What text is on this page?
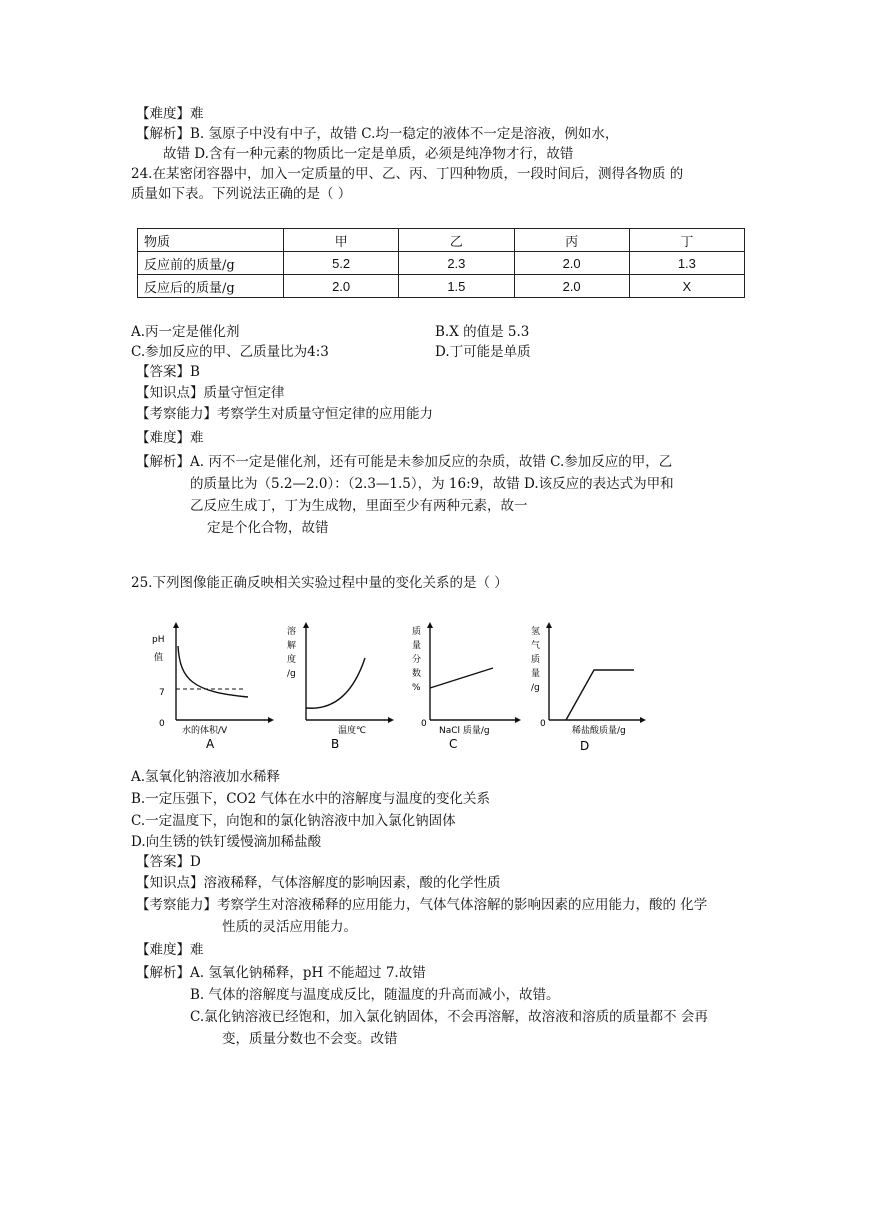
【难度】难
【解析】B. 氢原子中没有中子，故错 C.均一稳定的液体不一定是溶液，例如水，
故错 D.含有一种元素的物质比一定是单质，必须是纯净物才行，故错
24.在某密闭容器中，加入一定质量的甲、乙、丙、丁四种物质，一段时间后，测得各物质 的
质量如下表。下列说法正确的是（ ）
物质	甲	乙	丙	丁
反应前的质量/g	5.2	2.3	2.0	1.3
反应后的质量/g	2.0	1.5	2.0	X
A.丙一定是催化剂	B.X 的值是 5.3
C.参加反应的甲、乙质量比为4:3	D.丁可能是单质
【答案】B
【知识点】质量守恒定律
【考察能力】考察学生对质量守恒定律的应用能力
【难度】难
【解析】A. 丙不一定是催化剂，还有可能是未参加反应的杂质，故错 C.参加反应的甲，乙
的质量比为（5.2—2.0）：（2.3—1.5），为 16:9，故错 D.该反应的表达式为甲和
乙反应生成丁，丁为生成物，里面至少有两种元素，故一
定是个化合物，故错
25.下列图像能正确反映相关实验过程中量的变化关系的是（ ）
pH
值
7
0
水的体积/V
A
溶
解
度
/g
温度℃
B
质
量
分
数
%
0
NaCl 质量/g
C
氢
气
质
量
/g
0
稀盐酸质量/g
D
A.氢氧化钠溶液加水稀释
B.一定压强下，CO2 气体在水中的溶解度与温度的变化关系
C.一定温度下，向饱和的氯化钠溶液中加入氯化钠固体
D.向生锈的铁钉缓慢滴加稀盐酸
【答案】D
【知识点】溶液稀释，气体溶解度的影响因素，酸的化学性质
【考察能力】考察学生对溶液稀释的应用能力，气体气体溶解的影响因素的应用能力，酸的 化学
性质的灵活应用能力。
【难度】难
【解析】A. 氢氧化钠稀释，pH 不能超过 7.故错
B. 气体的溶解度与温度成反比，随温度的升高而减小，故错。
C.氯化钠溶液已经饱和，加入氯化钠固体，不会再溶解，故溶液和溶质的质量都不 会再
变，质量分数也不会变。改错
